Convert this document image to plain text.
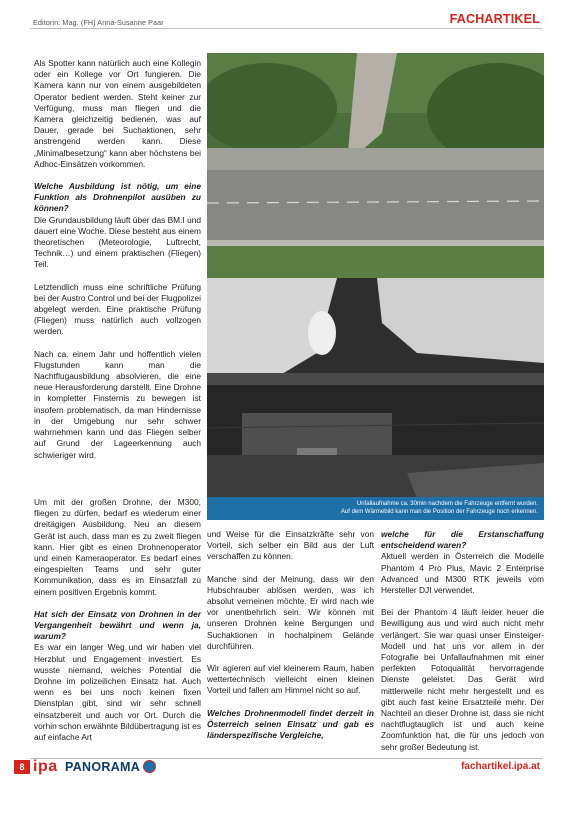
Editorin: Mag. (FH) Anna-Susanne Paar	FACHARTIKEL

Als Spotter kann natürlich auch eine Kollegin oder ein Kollege vor Ort fungieren. Die Kamera kann nur von einem ausgebildeten Operator bedient werden. Steht keiner zur Verfügung, muss man fliegen und die Kamera gleichzeitig bedienen, was auf Dauer, gerade bei Suchaktionen, sehr anstrengend werden kann. Diese „Minimalbesetzung“ kann aber höchstens bei Adhoc-Einsätzen vorkommen.

Welche Ausbildung ist nötig, um eine Funktion als Drohnenpilot ausüben zu können?

Die Grundausbildung läuft über das BM.I und dauert eine Woche. Diese besteht aus einem theoretischen (Meteorologie, Luftrecht, Technik…) und einem praktischen (Fliegen) Teil.

Letztendlich muss eine schriftliche Prüfung bei der Austro Control und bei der Flugpolizei abgelegt werden. Eine praktische Prüfung (Fliegen) muss natürlich auch vollzogen werden.

Nach ca. einem Jahr und hoffentlich vielen Flugstunden kann man die Nachtflugausbildung absolvieren, die eine neue Herausforderung darstellt. Eine Drohne in kompletter Finsternis zu bewegen ist insofern problematisch, da man Hindernisse in der Umgebung nur sehr schwer wahrnehmen kann und das Fliegen selber auf Grund der Lageerkennung auch schwieriger wird.

Um mit der großen Drohne, der M300, fliegen zu dürfen, bedarf es wiederum einer dreitägigen Ausbildung. Neu an diesem Gerät ist auch, dass man es zu zweit fliegen kann. Hier gibt es einen Drohnenoperator und einen Kameraoperator. Es bedarf eines eingespielten Teams und sehr guter Kommunikation, dass es im Einsatzfall zu einem positiven Ergebnis kommt.

Hat sich der Einsatz von Drohnen in der Vergangenheit bewährt und wenn ja, warum?

Es war ein langer Weg und wir haben viel Herzblut und Engagement investiert. Es wusste niemand, welches Potential die Drohne im polizeilichen Einsatz hat. Auch wenn es bei uns noch keinen fixen Dienstplan gibt, sind wir sehr schnell einsatzbereit und auch vor Ort. Durch die vorhin schon erwähnte Bildübertragung ist es auf einfache Art

Unfallaufnahme ca. 30min nachdem die Fahrzeuge entfernt wurden.
Auf dem Wärmebild kann man die Position der Fahrzeuge noch erkennen.

und Weise für die Einsatzkräfte sehr von Vorteil, sich selber ein Bild aus der Luft verschaffen zu können.

Manche sind der Meinung, dass wir den Hubschrauber ablösen werden, was ich absolut verneinen möchte. Er wird nach wie vor unentbehrlich sein. Wir können mit unseren Drohnen keine Bergungen und Suchaktionen in hochalpinem Gelände durchführen.

Wir agieren auf viel kleinerem Raum, haben wettertechnisch vielleicht einen kleinen Vorteil und fallen am Himmel nicht so auf.

Welches Drohnenmodell findet derzeit in Österreich seinen Einsatz und gab es länderspezifische Vergleiche,

welche für die Erstanschaffung entscheidend waren?

Aktuell werden in Österreich die Modelle Phantom 4 Pro Plus, Mavic 2 Enterprise Advanced und M300 RTK jeweils vom Hersteller DJI verwendet.

Bei der Phantom 4 läuft leider heuer die Bewilligung aus und wird auch nicht mehr verlängert. Sie war quasi unser Einsteiger-Modell und hat uns vor allem in der Fotografie bei Unfallaufnahmen mit einer perfekten Fotoqualität hervorragende Dienste geleistet. Das Gerät wird mittlerweile nicht mehr hergestellt und es gibt auch fast keine Ersatzteile mehr. Der Nachteil an dieser Drohne ist, dass sie nicht nachtflugtauglich ist und auch keine Zoomfunktion hat, die für uns jedoch von sehr großer Bedeutung ist.

8 ipa PANORAMA	fachartikel.ipa.at
